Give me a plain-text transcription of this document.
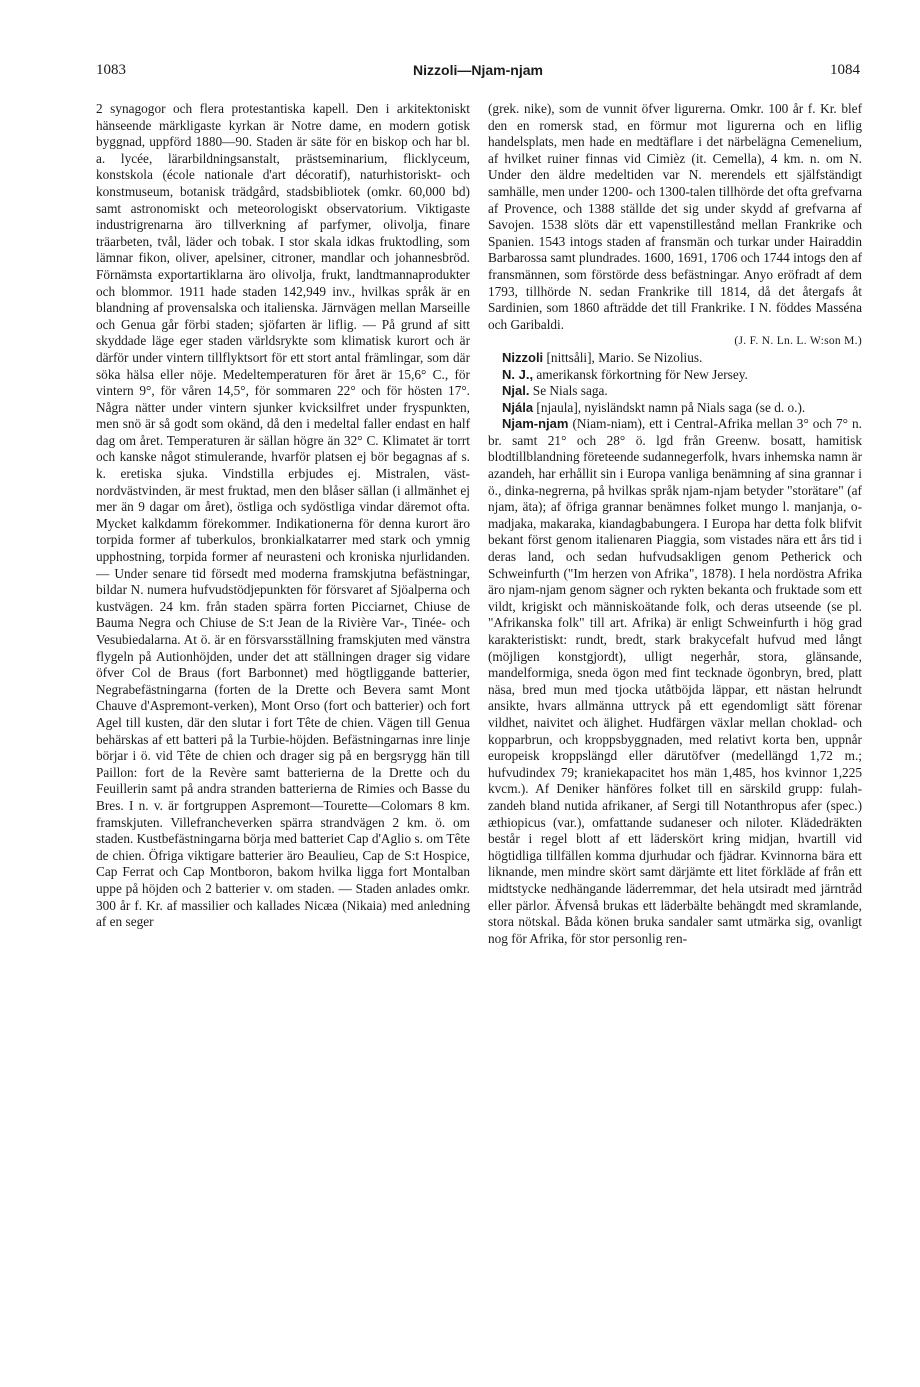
1083	Nizzoli—Njam-njam	1084

2 synagogor och flera protestantiska kapell. Den i arkitektoniskt hänseende märkligaste kyrkan är Notre dame, en modern gotisk byggnad, uppförd 1880—90. Staden är säte för en biskop och har bl. a. lycée, lärarbildningsanstalt, prästseminarium, flicklyceum, konstskola (école nationale d'art décoratif), naturhistoriskt- och konstmuseum, botanisk trädgård, stadsbibliotek (omkr. 60,000 bd) samt astronomiskt och meteorologiskt observatorium. Viktigaste industrigrenarna äro tillverkning af parfymer, olivolja, finare träarbeten, tvål, läder och tobak. I stor skala idkas fruktodling, som lämnar fikon, oliver, apelsiner, citroner, mandlar och johannesbröd. Förnämsta exportartiklarna äro olivolja, frukt, landtmannaprodukter och blommor. 1911 hade staden 142,949 inv., hvilkas språk är en blandning af provensalska och italienska. Järnvägen mellan Marseille och Genua går förbi staden; sjöfarten är liflig. — På grund af sitt skyddade läge eger staden världsrykte som klimatisk kurort och är därför under vintern tillflyktsort för ett stort antal främlingar, som där söka hälsa eller nöje. Medeltemperaturen för året är 15,6° C., för vintern 9°, för våren 14,5°, för sommaren 22° och för hösten 17°. Några nätter under vintern sjunker kvicksilfret under fryspunkten, men snö är så godt som okänd, då den i medeltal faller endast en half dag om året. Temperaturen är sällan högre än 32° C. Klimatet är torrt och kanske något stimulerande, hvarför platsen ej bör begagnas af s. k. eretiska sjuka. Vindstilla erbjudes ej. Mistralen, väst-nordvästvinden, är mest fruktad, men den blåser sällan (i allmänhet ej mer än 9 dagar om året), östliga och sydöstliga vindar däremot ofta. Mycket kalkdamm förekommer. Indikationerna för denna kurort äro torpida former af tuberkulos, bronkialkatarrer med stark och ymnig upphostning, torpida former af neurasteni och kroniska njurlidanden. — Under senare tid försedt med moderna framskjutna befästningar, bildar N. numera hufvudstödjepunkten för försvaret af Sjöalperna och kustvägen. 24 km. från staden spärra forten Picciarnet, Chiuse de Bauma Negra och Chiuse de S:t Jean de la Rivière Var-, Tinée- och Vesubiedalarna. At ö. är en försvarsställning framskjuten med vänstra flygeln på Autionhöjden, under det att ställningen drager sig vidare öfver Col de Braus (fort Barbonnet) med högtliggande batterier, Negrabefästningarna (forten de la Drette och Bevera samt Mont Chauve d'Aspremont-verken), Mont Orso (fort och batterier) och fort Agel till kusten, där den slutar i fort Tête de chien. Vägen till Genua behärskas af ett batteri på la Turbie-höjden. Befästningarnas inre linje börjar i ö. vid Tête de chien och drager sig på en bergsrygg hän till Paillon: fort de la Revère samt batterierna de la Drette och du Feuillerin samt på andra stranden batterierna de Rimies och Basse du Bres. I n. v. är fortgruppen Aspremont—Tourette—Colomars 8 km. framskjuten. Villefrancheverken spärra strandvägen 2 km. ö. om staden. Kustbefästningarna börja med batteriet Cap d'Aglio s. om Tête de chien. Öfriga viktigare batterier äro Beaulieu, Cap de S:t Hospice, Cap Ferrat och Cap Montboron, bakom hvilka ligga fort Montalban uppe på höjden och 2 batterier v. om staden. — Staden anlades omkr. 300 år f. Kr. af massilier och kallades Nicæa (Nikaia) med anledning af en seger

(grek. nike), som de vunnit öfver ligurerna. Omkr. 100 år f. Kr. blef den en romersk stad, en förmur mot ligurerna och en liflig handelsplats, men hade en medtäflare i det närbelägna Cemenelium, af hvilket ruiner finnas vid Cimièz (it. Cemella), 4 km. n. om N. Under den äldre medeltiden var N. merendels ett själfständigt samhälle, men under 1200- och 1300-talen tillhörde det ofta grefvarna af Provence, och 1388 ställde det sig under skydd af grefvarna af Savojen. 1538 slöts där ett vapenstillestånd mellan Frankrike och Spanien. 1543 intogs staden af fransmän och turkar under Hairaddin Barbarossa samt plundrades. 1600, 1691, 1706 och 1744 intogs den af fransmännen, som förstörde dess befästningar. Anyo eröfradt af dem 1793, tillhörde N. sedan Frankrike till 1814, då det återgafs åt Sardinien, som 1860 afträdde det till Frankrike. I N. föddes Masséna och Garibaldi.

(J. F. N. Ln. L. W:son M.)

Nizzoli [nittsåli], Mario. Se Nizolius.

N. J., amerikansk förkortning för New Jersey.

Njal. Se Nials saga.

Njála [njaula], nyisländskt namn på Nials saga (se d. o.).

Njam-njam (Niam-niam), ett i Central-Afrika mellan 3° och 7° n. br. samt 21° och 28° ö. lgd från Greenw. bosatt, hamitisk blodtillblandning företeende sudannegerfolk, hvars inhemska namn är azandeh, har erhållit sin i Europa vanliga benämning af sina grannar i ö., dinka-negrerna, på hvilkas språk njam-njam betyder "storätare" (af njam, äta); af öfriga grannar benämnes folket mungo l. manjanja, o-madjaka, makaraka, kiandagbabungera. I Europa har detta folk blifvit bekant först genom italienaren Piaggia, som vistades nära ett års tid i deras land, och sedan hufvudsakligen genom Petherick och Schweinfurth ("Im herzen von Afrika", 1878). I hela nordöstra Afrika äro njam-njam genom sägner och rykten bekanta och fruktade som ett vildt, krigiskt och människoätande folk, och deras utseende (se pl. "Afrikanska folk" till art. Afrika) är enligt Schweinfurth i hög grad karakteristiskt: rundt, bredt, stark brakycefalt hufvud med långt (möjligen konstgjordt), ulligt negerhår, stora, glänsande, mandelformiga, sneda ögon med fint tecknade ögonbryn, bred, platt näsa, bred mun med tjocka utåtböjda läppar, ett nästan helrundt ansikte, hvars allmänna uttryck på ett egendomligt sätt förenar vildhet, naivitet och älighet. Hudfärgen växlar mellan choklad- och kopparbrun, och kroppsbyggnaden, med relativt korta ben, uppnår europeisk kroppslängd eller därutöfver (medellängd 1,72 m.; hufvudindex 79; kraniekapacitet hos män 1,485, hos kvinnor 1,225 kvcm.). Af Deniker hänföres folket till en särskild grupp: fulah-zandeh bland nutida afrikaner, af Sergi till Notanthropus afer (spec.) æthiopicus (var.), omfattande sudaneser och niloter. Klädedräkten består i regel blott af ett läderskört kring midjan, hvartill vid högtidliga tillfällen komma djurhudar och fjädrar. Kvinnorna bära ett liknande, men mindre skört samt därjämte ett litet förkläde af från ett midtstycke nedhängande läderremmar, det hela utsiradt med järntråd eller pärlor. Äfvenså brukas ett läderbälte behängdt med skramlande, stora nötskal. Båda könen bruka sandaler samt utmärka sig, ovanligt nog för Afrika, för stor personlig ren-
